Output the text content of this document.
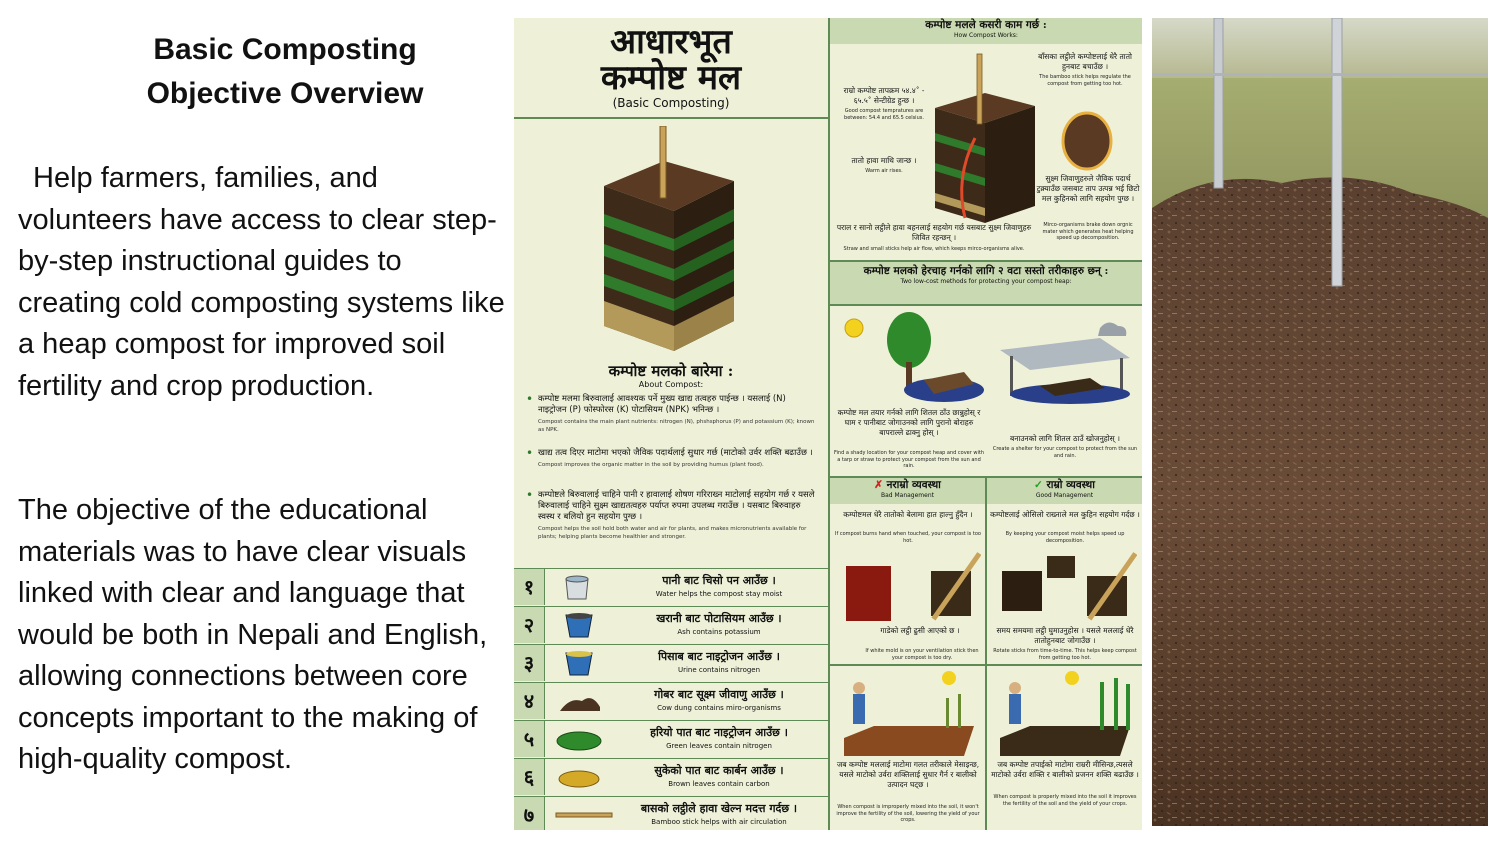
Basic Composting
Objective Overview
Help farmers, families, and volunteers have access to clear step-by-step instructional guides to creating cold composting systems like a heap compost for improved soil fertility and crop production.
The objective of the educational materials was to have clear visuals linked with clear and language that would be both in Nepali and English, allowing connections between core concepts important to the making of high-quality compost.
आधारभूत
कम्पोष्ट मल
(Basic Composting)
कम्पोष्ट मलको बारेमा :
About Compost:
• कम्पोष्ट मलमा बिरुवालाई आवश्यक पर्ने मुख्य खाद्य तत्वहरु पाईन्छ । यसलाई (N) नाइट्रोजन (P) फोस्फोरस (K) पोटासियम (NPK) भनिन्छ ।
Compost contains the main plant nutrients: nitrogen (N), phshsphorus (P) and potassium (K); known as NPK.
• खाद्य तत्व दिएर माटोमा भएको जैविक पदार्थलाई सुधार गर्छ (माटोको उर्वर शक्ति बढाउँछ ।
Compost improves the organic matter in the soil by providing humus (plant food).
• कम्पोष्टले बिरुवालाई चाहिने पानी र हावालाई शोषण गरिराख्न माटोलाई सहयोग गर्छ र यसले बिरुवालाई चाहिने सुक्ष्म खाद्यतत्वहरु पर्याप्त रुपमा उपलब्ध गराउँछ । यसबाट बिरुवाहरु स्वस्थ र बलियो हुन सहयोग पुग्छ ।
Compost helps the soil hold both water and air for plants, and makes micronutrients available for plants; helping plants become healthier and stronger.
१	पानी बाट चिसो पन आउँछ ।
Water helps the compost stay moist
२	खरानी बाट पोटासियम आउँछ ।
Ash contains potassium
३	पिसाब बाट नाइट्रोजन आउँछ ।
Urine contains nitrogen
४	गोबर बाट सूक्ष्म जीवाणु आउँछ ।
Cow dung contains miro-organisms
५	हरियो पात बाट नाइट्रोजन आउँछ ।
Green leaves contain nitrogen
६	सुकेको पात बाट कार्बन आउँछ ।
Brown leaves contain carbon
७	बासको लट्ठीले हावा खेल्न मदत्त गर्दछ ।
Bamboo stick helps with air circulation
कम्पोष्ट मलले कसरी काम गर्छ :
How Compost Works:
बाँसका लट्ठीले कम्पोष्टलाई धेरै तातो हुनबाट बचाउँछ ।
The bamboo stick helps regulate the compost from getting too hot.
राम्रो कम्पोष्ट तापक्रम ५४.४˚ - ६५.५˚ सेन्टीग्रेड हुन्छ ।
Good compost tempratures are between: 54.4 and 65.5 celsius.
तातो हावा माथि जान्छ ।
Warm air rises.
सुक्ष्म जिवाणुहरुले जैविक पदार्थ टुक्र्याउँछ जसबाट ताप उत्पन्न भई छिटो मल कुहिनको लागि सहयोग पुग्छ ।
Mirco-organisms brake down orgnic mater which generates heat helping speed up decomposition.
पराल र सानो लट्ठीले हावा बहनलाई सहयोग गर्छ यसबाट सुक्ष्म जिवाणुहरु जिवित रहन्छन् ।
Straw and small sticks help air flow, which keeps mirco-organisms alive.
कम्पोष्ट मलको हेरचाह गर्नको लागि २ वटा सस्तो तरीकाहरु छन् :
Two low-cost methods for protecting your compost heap:
कम्पोष्ट मल तयार गर्नको लागि शितल ठाँउ छान्नुहोस् र घाम र पानीबाट जोगाउनको लागि पुरानो बोराहरु बापराल्ले ढाक्नु होस् ।
Find a shady location for your compost heap and cover with a tarp or straw to protect your compost from the sun and rain.
बनाउनको लागि शितल ठाउँ खोजनुहोस् ।
Create a shelter for your compost to protect from the sun and rain.
✗ नराम्रो व्यवस्था
Bad Management
✓ राम्रो व्यवस्था
Good Management
कम्पोष्टमल धेरै तातोको बेलामा हात हाल्नु हुँदैन ।
If compost burns hand when touched, your compost is too hot.
कम्पोष्टलाई ओसिलो राख्नाले मल कुहिन सहयोग गर्दछ ।
By keeping your compost moist helps speed up decomposition.
गाडेको लट्ठी ढुसी आएको छ ।
If white mold is on your ventilation stick then your compost is too dry.
समय समयमा लट्ठी घुमाउनुहोस । यसले मललाई धेरै तातोहुनबाट जोगाउँछ ।
Rotate sticks from time-to-time. This helps keep compost from getting too hot.
जब कम्पोष्ट मललाई माटोमा गलत तरीकाले मेसाइन्छ, यसले माटोको उर्वरा शक्तिलाई सुधार गैर्न र बालीको उत्पादन घट्छ ।
When compost is improperly mixed into the soil, it won't improve the fertility of the soil, lowering the yield of your crops.
जब कम्पोष्ट तपाईको माटोमा राम्ररी मीसिन्छ,त्यसले माटोको उर्वरा शक्ति र बालीको प्रजनन शक्ति बढाउँछ ।
When compost is properly mixed into the soil it improves the fertility of the soil and the yield of your crops.
